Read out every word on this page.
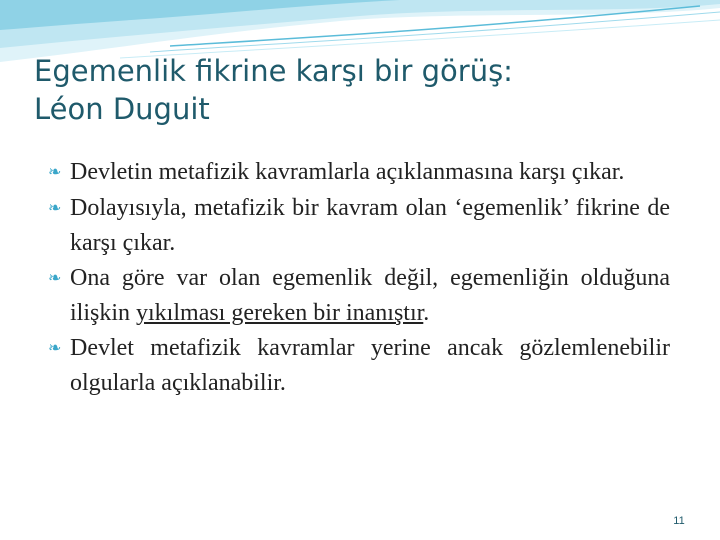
Egemenlik fikrine karşı bir görüş:
Léon Duguit
❧ Devletin metafizik kavramlarla açıklanmasına karşı çıkar.
❧ Dolayısıyla, metafizik bir kavram olan ‘egemenlik’ fikrine de karşı çıkar.
❧ Ona göre var olan egemenlik değil, egemenliğin olduğuna ilişkin yıkılması gereken bir inanıştır.
❧ Devlet metafizik kavramlar yerine ancak gözlemlenebilir olgularla açıklanabilir.
11
